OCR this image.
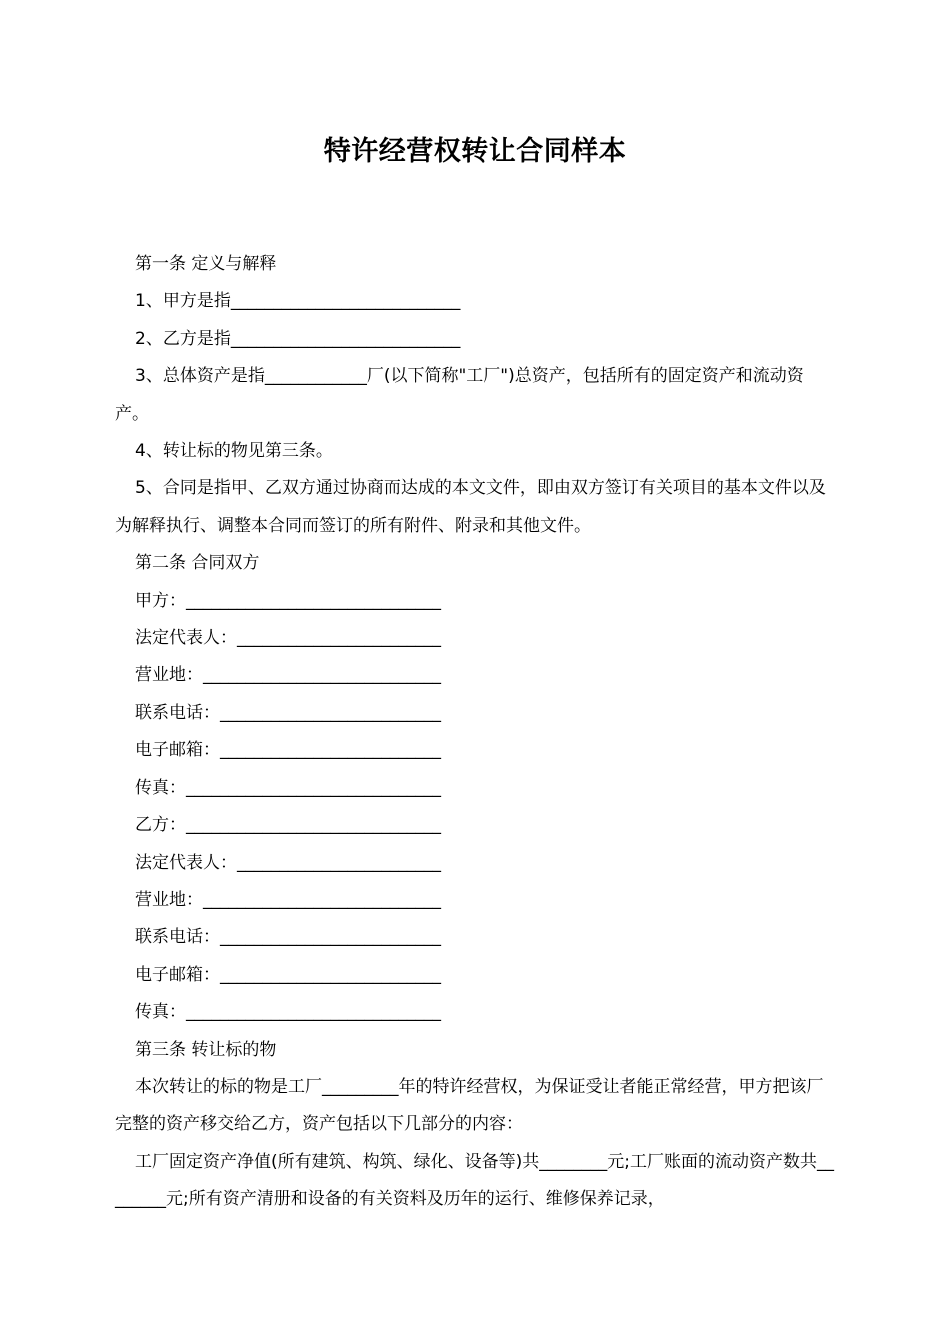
特许经营权转让合同样本

第一条 定义与解释

1、甲方是指___________________________

2、乙方是指___________________________

3、总体资产是指____________厂(以下简称"工厂")总资产，包括所有的固定资产和流动资产。

4、转让标的物见第三条。

5、合同是指甲、乙双方通过协商而达成的本文文件，即由双方签订有关项目的基本文件以及为解释执行、调整本合同而签订的所有附件、附录和其他文件。

第二条 合同双方

甲方：______________________________

法定代表人：________________________

营业地：____________________________

联系电话：__________________________

电子邮箱：__________________________

传真：______________________________

乙方：______________________________

法定代表人：________________________

营业地：____________________________

联系电话：__________________________

电子邮箱：__________________________

传真：______________________________

第三条 转让标的物

本次转让的标的物是工厂_________年的特许经营权，为保证受让者能正常经营，甲方把该厂完整的资产移交给乙方，资产包括以下几部分的内容：

工厂固定资产净值(所有建筑、构筑、绿化、设备等)共________元;工厂账面的流动资产数共________元;所有资产清册和设备的有关资料及历年的运行、维修保养记录，
